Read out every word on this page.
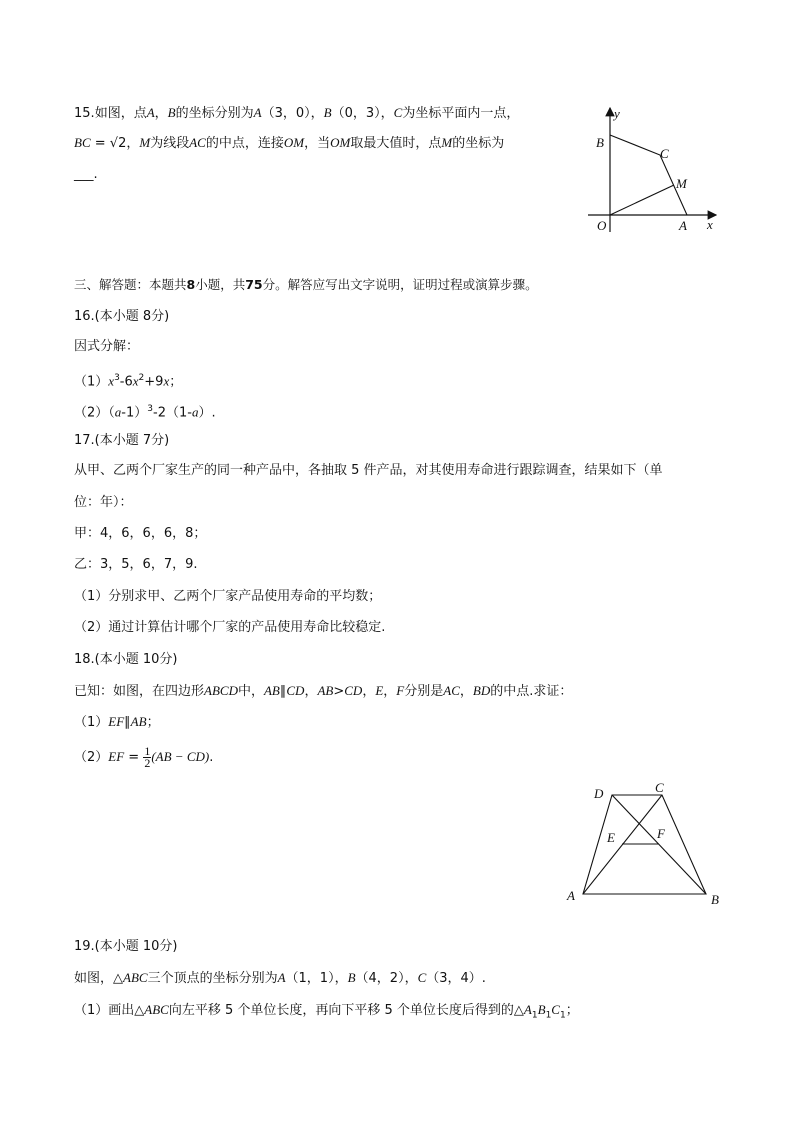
15.如图，点A，B的坐标分别为A（3，0），B（0，3），C为坐标平面内一点，
BC = √2，M为线段AC的中点，连接OM，当OM取最大值时，点M的坐标为
___.
y
x
O	A
B
C
M
三、解答题：本题共8小题，共75分。解答应写出文字说明，证明过程或演算步骤。
16.(本小题 8分)
因式分解：
$(1)x^3-6x^2+9x$；
$(2)(a-1)^3-2(1-a)$.
17.(本小题 7分)
从甲、乙两个厂家生产的同一种产品中，各抽取 5 件产品，对其使用寿命进行跟踪调查，结果如下（单
位：年）：
甲：4，6，6，6，8；
乙：3，5，6，7，9.
（1）分别求甲、乙两个厂家产品使用寿命的平均数；
（2）通过计算估计哪个厂家的产品使用寿命比较稳定.
18.(本小题 10分)
已知：如图，在四边形ABCD中，AB∥CD，AB>CD，E，F分别是AC，BD的中点.求证：
（1）EF∥AB；
$(2)EF = \frac{1}{2} (AB - CD)$.
A	B
C
D
E	F
19.(本小题 10分)
如图，△ABC三个顶点的坐标分别为A（1，1），B（4，2），C（3，4）.
（1）画出△ABC向左平移 5 个单位长度，再向下平移 5 个单位长度后得到的$\triangle A_1B_1C_1$；
